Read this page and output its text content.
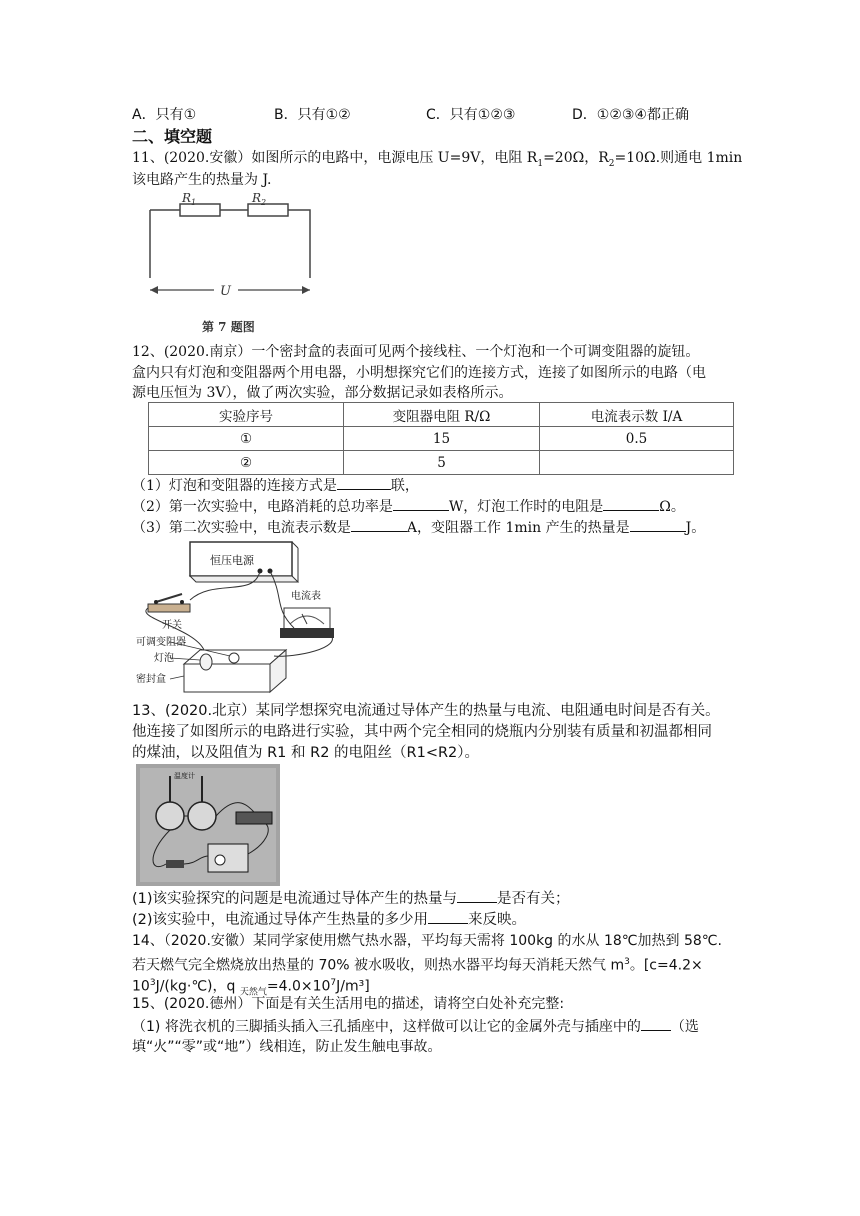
A．只有①	B．只有①②	C．只有①②③	D．①②③④都正确
二、填空题
11、(2020.安徽）如图所示的电路中，电源电压 U=9V，电阻 $R_1=20\Omega$，$R_2=10\Omega$.则通电 1min
该电路产生的热量为 J.
$R_1$	$R_2$
U
第 7 题图
12、(2020.南京）一个密封盒的表面可见两个接线柱、一个灯泡和一个可调变阻器的旋钮。
盒内只有灯泡和变阻器两个用电器，小明想探究它们的连接方式，连接了如图所示的电路（电
源电压恒为 3V），做了两次实验，部分数据记录如表格所示。
实验序号	变阻器电阻 R/Ω	电流表示数 I/A
①	15	0.5
②	5	
（1）灯泡和变阻器的连接方式是	联，
（2）第一次实验中，电路消耗的总功率是	W，灯泡工作时的电阻是	Ω。
（3）第二次实验中，电流表示数是	A，变阻器工作 1min 产生的热量是	J。
恒压电源
电流表
开关
可调变阻器
灯泡
密封盒
13、(2020.北京）某同学想探究电流通过导体产生的热量与电流、电阻通电时间是否有关。
他连接了如图所示的电路进行实验，其中两个完全相同的烧瓶内分别装有质量和初温都相同
的煤油，以及阻值为 R1 和 R2 的电阻丝（R1<R2）。
温度计
(1)该实验探究的问题是电流通过导体产生的热量与	是否有关；
(2)该实验中，电流通过导体产生热量的多少用	来反映。
14、（2020.安徽）某同学家使用燃气热水器，平均每天需将 100kg 的水从 18℃加热到 58℃.
若天燃气完全燃烧放出热量的 70% 被水吸收，则热水器平均每天消耗天然气 $m^3$。[c=4.2×
$10^3J/(kg\cdot℃)$，q $_{天然气}=4.0\times 10^7J/m^3$]
15、(2020.德州）下面是有关生活用电的描述，请将空白处补充完整:
（1) 将洗衣机的三脚插头插入三孔插座中，这样做可以让它的金属外壳与插座中的 （选
填“火”“零”或“地”）线相连，防止发生触电事故。
